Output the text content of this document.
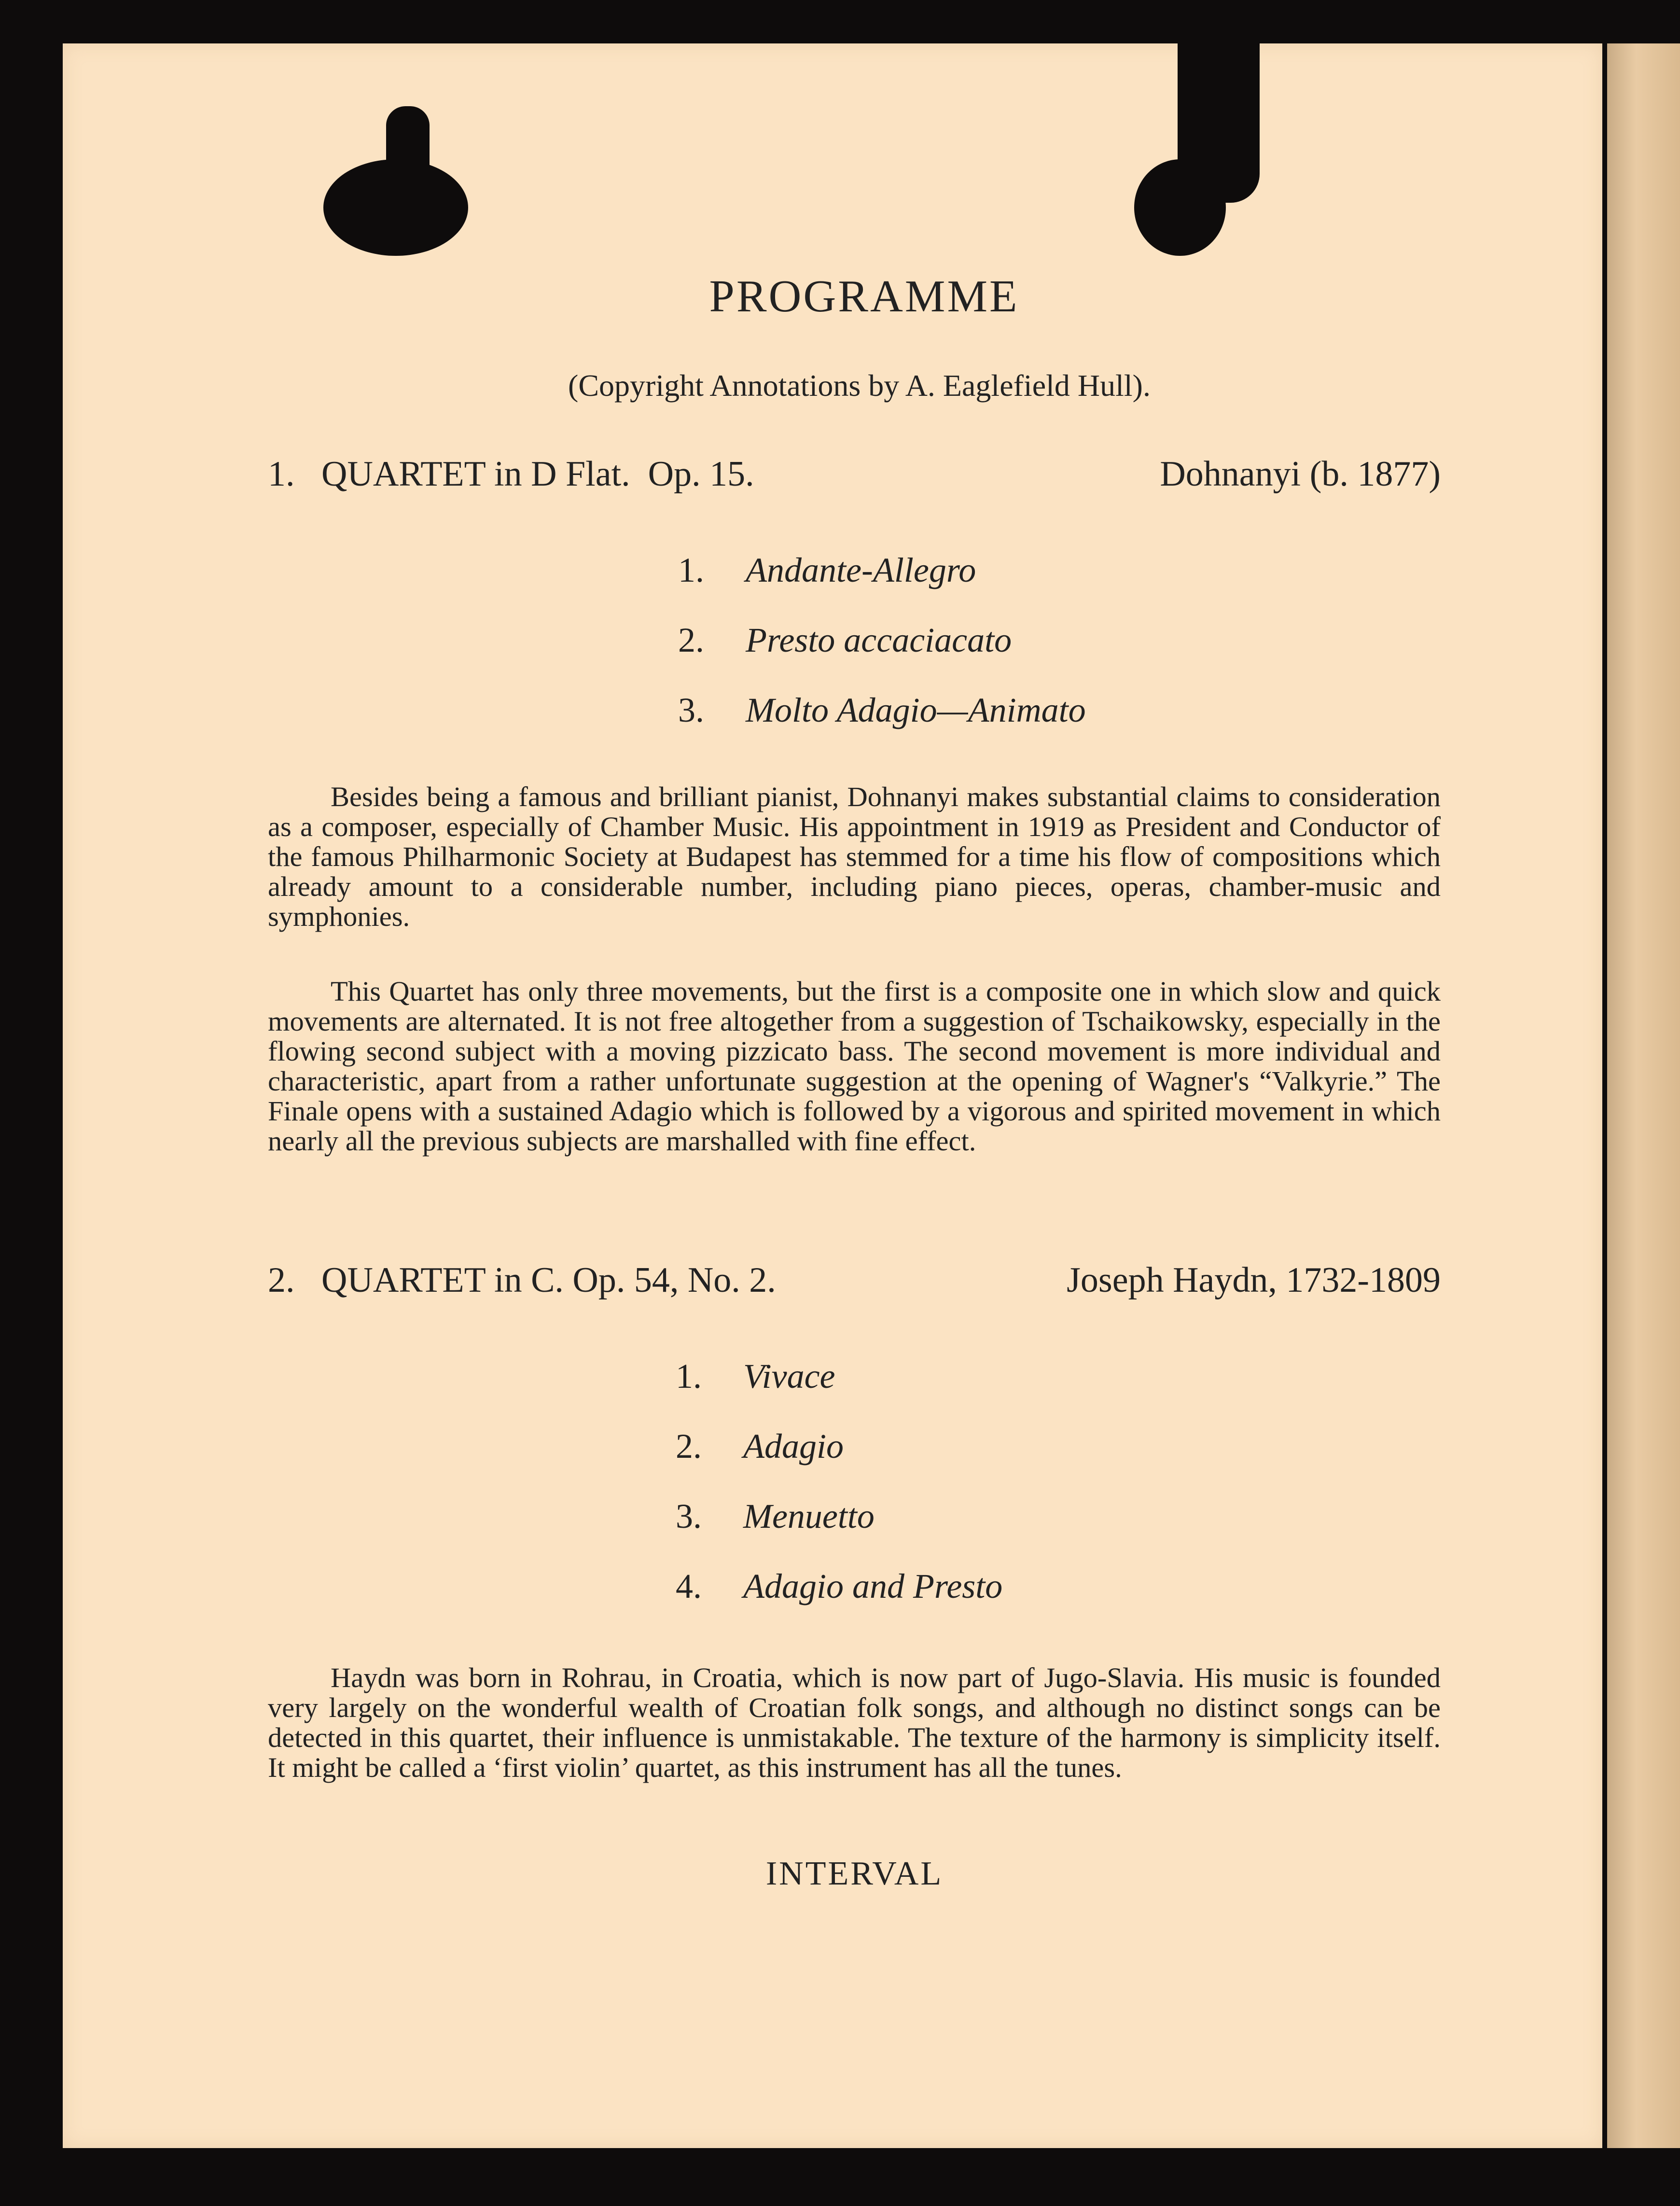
PROGRAMME
(Copyright Annotations by A. Eaglefield Hull).
1. QUARTET in D Flat.  Op. 15.	Dohnanyi (b. 1877)
1. Andante-Allegro
2. Presto accaciacato
3. Molto Adagio—Animato

Besides being a famous and brilliant pianist, Dohnanyi makes substantial claims to consideration as a composer, especially of Chamber Music. His appointment in 1919 as President and Conductor of the famous Philharmonic Society at Budapest has stemmed for a time his flow of compositions which already amount to a considerable number, including piano pieces, operas, chamber-music and symphonies.

This Quartet has only three movements, but the first is a composite one in which slow and quick movements are alternated. It is not free altogether from a suggestion of Tschaikowsky, especially in the flowing second subject with a moving pizzicato bass. The second movement is more individual and characteristic, apart from a rather unfortunate suggestion at the opening of Wagner's “Valkyrie.” The Finale opens with a sustained Adagio which is followed by a vigorous and spirited movement in which nearly all the previous subjects are marshalled with fine effect.

2. QUARTET in C. Op. 54, No. 2.	Joseph Haydn, 1732-1809
1. Vivace
2. Adagio
3. Menuetto
4. Adagio and Presto

Haydn was born in Rohrau, in Croatia, which is now part of Jugo-Slavia. His music is founded very largely on the wonderful wealth of Croatian folk songs, and although no distinct songs can be detected in this quartet, their influence is unmistakable. The texture of the harmony is simplicity itself. It might be called a ‘first violin’ quartet, as this instrument has all the tunes.

INTERVAL
